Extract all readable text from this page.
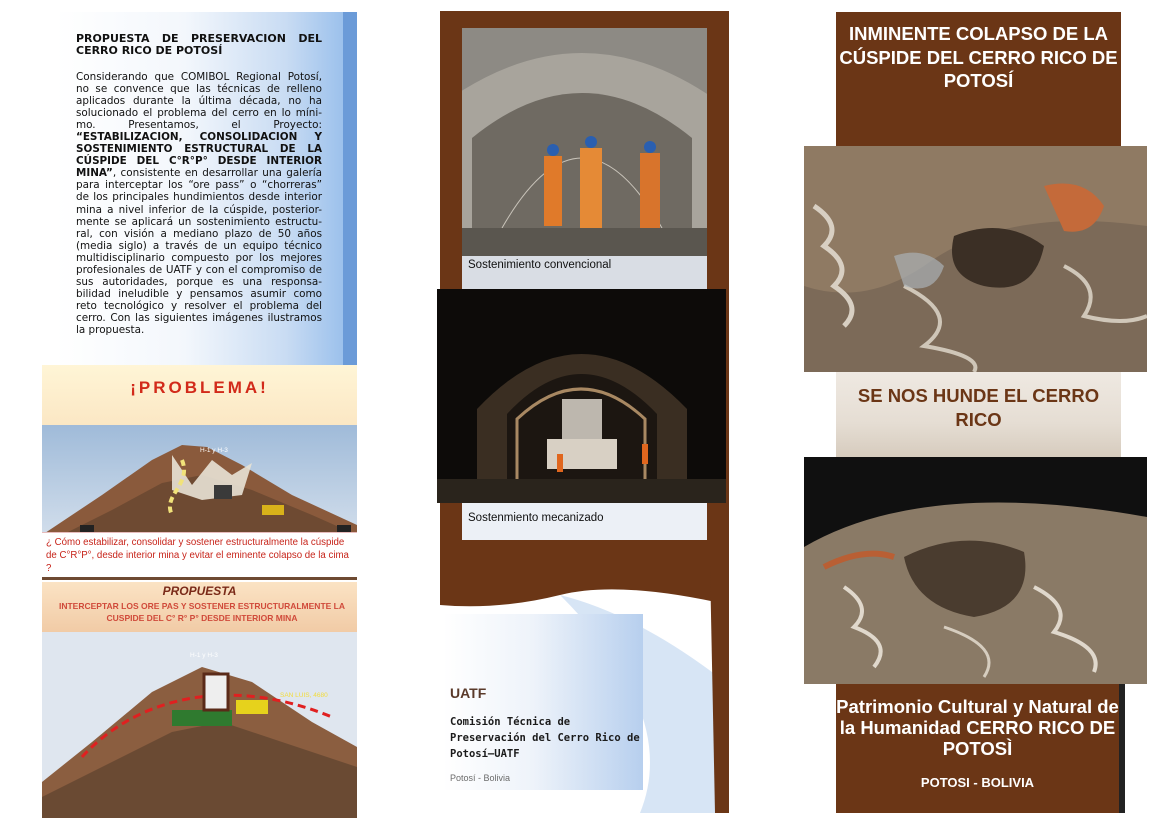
PROPUESTA DE PRESERVACION DEL CERRO RICO DE POTOSÍ
Considerando que COMIBOL Regional Potosí, no se convence que las técnicas de relleno aplicados durante la última década, no ha solucionado el problema del cerro en lo míni-mo. Presentamos, el Proyecto: “ESTABILIZACION, CONSOLIDACION Y SOSTENIMIENTO ESTRUCTURAL DE LA CÚSPIDE DEL C°R°P° DESDE INTERIOR MINA”, consistente en desarrollar una galería para interceptar los “ore pass” o “chorreras” de los principales hundimientos desde interior mina a nivel inferior de la cúspide, posterior-mente se aplicará un sostenimiento estructu-ral, con visión a mediano plazo de 50 años (media siglo) a través de un equipo técnico multidisciplinario compuesto por los mejores profesionales de UATF y con el compromiso de sus autoridades, porque es una responsa-bilidad ineludible y pensamos asumir como reto tecnológico y resolver el problema del cerro. Con las siguientes imágenes ilustramos la propuesta.
¡PROBLEMA!
H-1 y H-3
¿ Cómo estabilizar, consolidar y sostener estructuralmente la cúspide de C°R°P°, desde interior mina y evitar el eminente colapso de la cima ?
PROPUESTA
INTERCEPTAR LOS ORE PAS Y SOSTENER ESTRUCTURALMENTE LA CUSPIDE DEL C° R° P° DESDE INTERIOR MINA
H-1 y H-3
SAN LUIS, 4680
Sostenimiento convencional
Sostenmiento mecanizado
UATF
Comisión Técnica de Preservación del Cerro Rico de Potosí—UATF
Potosí - Bolivia
INMINENTE COLAPSO DE LA CÚSPIDE DEL CERRO RICO DE POTOSÍ
SE NOS HUNDE EL CERRO RICO
Patrimonio Cultural y Natural de la Humanidad CERRO RICO DE POTOSÌ
POTOSI - BOLIVIA
